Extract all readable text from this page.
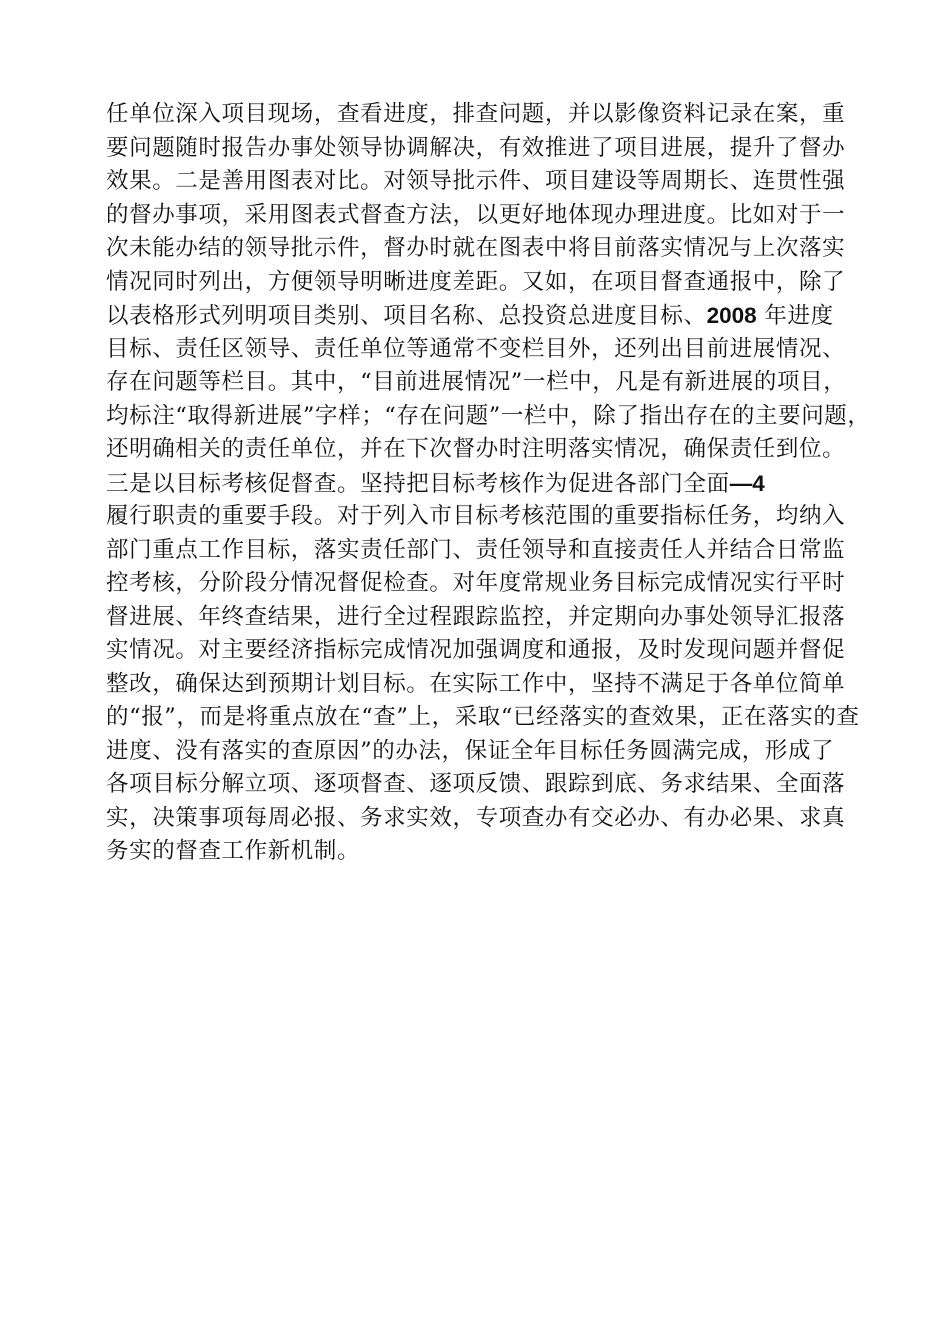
任单位深入项目现场，查看进度，排查问题，并以影像资料记录在案，重
要问题随时报告办事处领导协调解决，有效推进了项目进展，提升了督办
效果。二是善用图表对比。对领导批示件、项目建设等周期长、连贯性强
的督办事项，采用图表式督查方法，以更好地体现办理进度。比如对于一
次未能办结的领导批示件，督办时就在图表中将目前落实情况与上次落实
情况同时列出，方便领导明晰进度差距。又如，在项目督查通报中，除了
以表格形式列明项目类别、项目名称、总投资总进度目标、2008 年进度
目标、责任区领导、责任单位等通常不变栏目外，还列出目前进展情况、
存在问题等栏目。其中，“目前进展情况”一栏中，凡是有新进展的项目，
均标注“取得新进展”字样；“存在问题”一栏中，除了指出存在的主要问题，
还明确相关的责任单位，并在下次督办时注明落实情况，确保责任到位。
三是以目标考核促督查。坚持把目标考核作为促进各部门全面—4
履行职责的重要手段。对于列入市目标考核范围的重要指标任务，均纳入
部门重点工作目标，落实责任部门、责任领导和直接责任人并结合日常监
控考核，分阶段分情况督促检查。对年度常规业务目标完成情况实行平时
督进展、年终查结果，进行全过程跟踪监控，并定期向办事处领导汇报落
实情况。对主要经济指标完成情况加强调度和通报，及时发现问题并督促
整改，确保达到预期计划目标。在实际工作中，坚持不满足于各单位简单
的“报”，而是将重点放在“查”上，采取“已经落实的查效果，正在落实的查
进度、没有落实的查原因”的办法，保证全年目标任务圆满完成，形成了
各项目标分解立项、逐项督查、逐项反馈、跟踪到底、务求结果、全面落
实，决策事项每周必报、务求实效，专项查办有交必办、有办必果、求真
务实的督查工作新机制。
